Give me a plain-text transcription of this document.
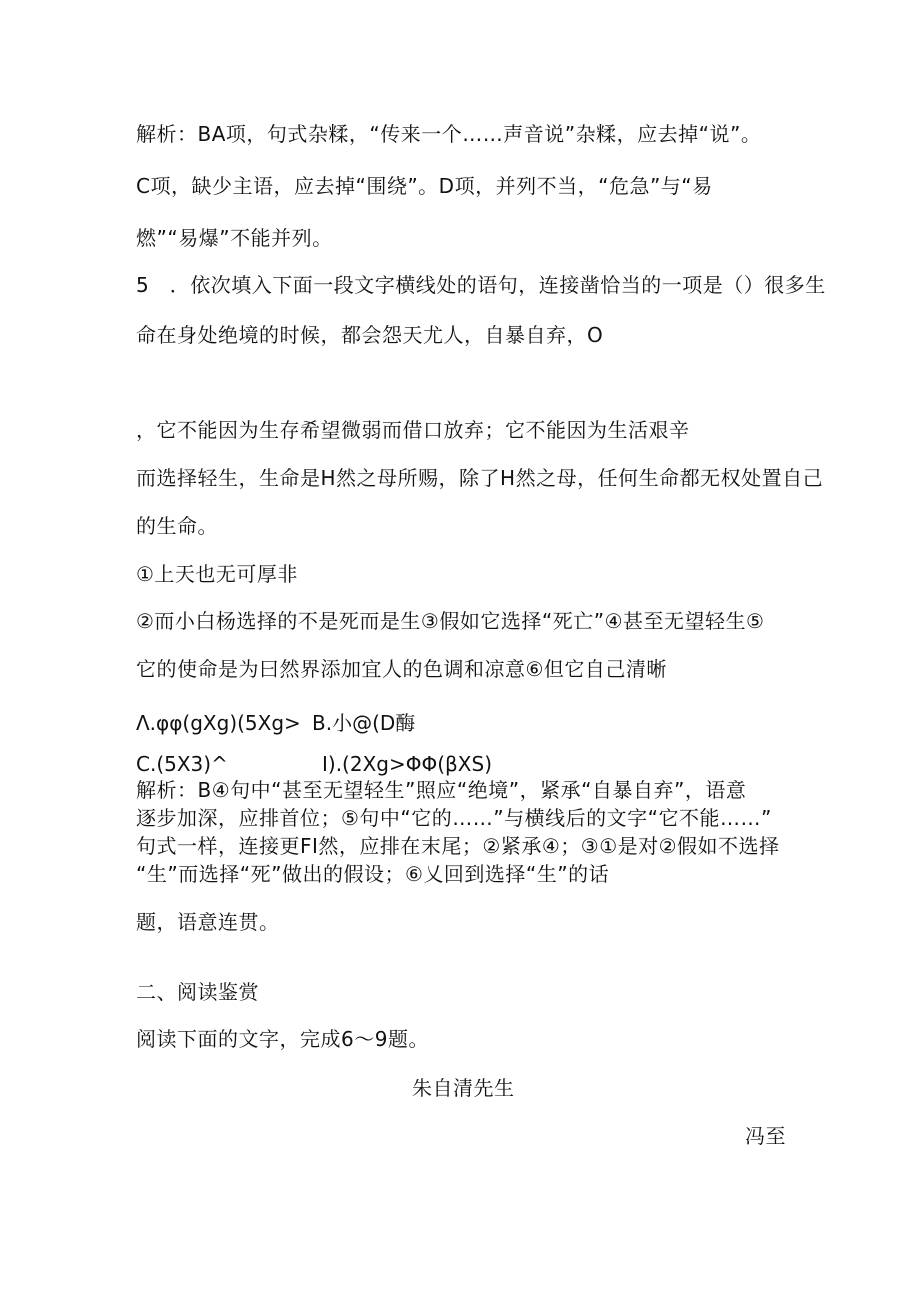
解析：BA项，句式杂糅，“传来一个……声音说”杂糅，应去掉“说”。
C项，缺少主语，应去掉“围绕”。D项，并列不当，“危急”与“易
燃”“易爆”不能并列。
5　．依次填入下面一段文字横线处的语句，连接凿恰当的一项是（）很多生
命在身处绝境的时候，都会怨天尤人，自暴自弃，O
，它不能因为生存希望微弱而借口放弃；它不能因为生活艰辛
而选择轻生，生命是H然之母所赐，除了H然之母，任何生命都无权处置自己
的生命。
①上天也无可厚非
②而小白杨选择的不是死而是生③假如它选择“死亡”④甚至无望轻生⑤
它的使命是为曰然界添加宜人的色调和凉意⑥但它自己清晰
Λ.φφ(gXg)(5Xg> B.小@(D酶
C.(5X3)^	I).(2Xg>ΦΦ(βXS)
解析：B④句中“甚至无望轻生”照应“绝境”，紧承“自暴自弃”，语意
逐步加深，应排首位；⑤句中“它的……”与横线后的文字“它不能……”
句式一样，连接更FI然，应排在末尾；②紧承④；③①是对②假如不选择
“生”而选择“死”做出的假设；⑥乂回到选择“生”的话
题，语意连贯。
二、阅读鉴赏
阅读下面的文字，完成6〜9题。
朱自清先生
冯至
